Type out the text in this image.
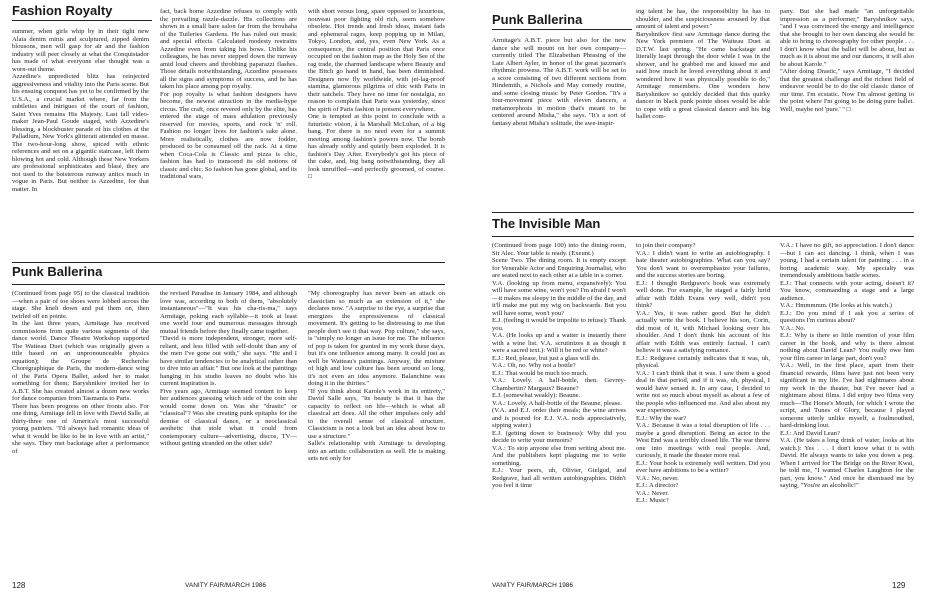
Fashion Royalty
summer, when girls whip by in their tight new Alaïa denim minis and sculptured, zipped denim blousons, men will gasp for air and the fashion industry will peer closely at what the Conquistador has made of what everyone else thought was a worn-out theme.
Azzedine's unpredicted blitz has reinjected aggressiveness and vitality into the Paris scene. But his ensuing conquest has yet to be confirmed by the U.S.A., a crucial market where, far from the subtleties and intrigues of the court of fashion, Saint Yves remains His Majesty. Last fall video-maker Jean-Paul Goude staged, with Azzedine's blessing, a blockbuster parade of his clothes at the Palladium, New York's glitterati attended en masse. The two-hour-long show, spiced with ethnic references and set on a gigantic staircase, left them blowing hot and cold. Although these New Yorkers are professional sophisticates and blasé, they are not used to the boisterous runway antics much in vogue in Paris. But neither is Azzedine, for that matter. In
fact, back home Azzedine refuses to comply with the prevailing razzle-dazzle. His collections are shown in a small bare salon far from the brouhaha of the Tuileries Gardens. He has ruled out music and special effects. Calculated modesty restrains Azzedine even from taking his bows. Unlike his colleagues, he has never stepped down the runway amid loud cheers and throbbing paparazzi flashes. Those details notwithstanding, Azzedine possesses all the signs and symptoms of success, and he has taken his place among pop royalty.
For pop royalty is what fashion designers have become, the newest attraction in the media-hype circus. The craft, once revered only by the elite, has entered the stage of mass adulation previously reserved for movies, sports, and rock 'n' roll. Fashion no longer lives for fashion's sake alone. More realistically, clothes are now fodder, produced to be consumed off the rack. At a time when Coca-Cola is Classic and pizza is chic, fashion has had to transcend its old notions of classic and chic. So fashion has gone global, and its traditional wars,
with short versus long, spare opposed to luxurious, nouveau poor fighting old rich, seem somehow obsolete. Hot trends and fresh ideas, instant fads and ephemeral rages, keep popping up in Milan, Tokyo, London, and, yes, even New York. As a consequence, the central position that Paris once occupied on the fashion map as the Holy See of the rag trade, the charmed landscape where Beauty and the Bitch go hand in hand, has been diminished. Designers now fly worldwide, with jet-lag-proof stamina, glamorous pilgrims of chic with Paris in their satchels. They have no time for nostalgia, no reason to complain that Paris was yesterday, since the spirit of Paris fashion is present everywhere.
One is tempted at this point to conclude with a futuristic vision, à la Marshall McLuhan, of a big bang. For there is no need even for a summit meeting among fashion's powers now. The bomb has already softly and quietly been exploded. It is fashion's Day After. Everybody's got his piece of the cake, and, big bang notwithstanding, they all look unruffled—and perfectly groomed, of course. □
Punk Ballerina
(Continued from page 95) to the classical tradition—when a pair of toe shoes were lobbed across the stage. She knelt down and put them on, then twirled off en pointe.
In the last three years, Armitage has received commissions from quite various segments of the dance world. Dance Theatre Workshop supported The Watteau Duet (which was originally given a title based on an unpronounceable physics equation); the Groupe de Recherche Chorégraphique de Paris, the modern-dance wing of the Paris Opera Ballet, asked her to make something for them; Baryshnikov invited her to A.B.T. She has created almost a dozen new works for dance companies from Tasmania to Paris.
There has been progress on other fronts also. For one thing, Armitage fell in love with David Salle, at thirty-three one of America's most successful young painters. "I'd always had romantic ideas of what it would be like to be in love with an artist," she says. They met backstage after a performance of
the revised Paradise in January 1984, and although love was, according to both of them, "absolutely instantaneous"—"It was his cha-ris-ma," says Armitage, poking each syllable—it took at least one world tour and numerous messages through mutual friends before they finally came together.
"David is more independent, stronger, more self-reliant, and less filled with self-doubt than any of the men I've gone out with," she says. "He and I have similar tendencies to be analytical rather than to dive into an affair." But one look at the paintings hanging in his studio leaves no doubt who his current inspiration is.
Five years ago, Armitage seemed content to keep her audiences guessing which side of the coin she would come down on. Was she "drastic" or "classical"? Was she creating punk epitaphs for the demise of classical dance, or a neoclassical aesthetic that stole what it could from contemporary culture—advertising, discos, TV—without getting stranded on the other side?
"My choreography has never been an attack on classicism so much as an extension of it," she declares now. "A surprise to the eye, a surprise that energizes the expressiveness of classical movement. It's getting to be distressing to me that people don't see it that way. Pop culture," she says, is "simply no longer an issue for me. The influence of pop is taken for granted in my work these days, but it's one influence among many. It could just as well be Watteau's paintings. Anyway, the mixture of high and low culture has been around so long, it's not even an idea anymore. Balanchine was doing it in the thirties."
"If you think about Karole's work in its entirety," David Salle says, "its beauty is that it has the capacity to reflect on life—which is what all classical art does. All the other impulses only add to the overall sense of classical structure. Classicism is not a look but an idea about how to use a structure."
Salle's relationship with Armitage is developing into an artistic collaboration as well. He is making sets not only for
128	VANITY FAIR/MARCH 1986
Punk Ballerina
Armitage's A.B.T. piece but also for the new dance she will mount on her own company—currently titled The Elizabethan Phrasing of the Late Albert Ayler, in honor of the great jazzman's rhythmic prowess. The A.B.T. work will be set to a score consisting of two different sections from Hindemith, a Nichols and May comedy routine, and some closing music by Peter Gordon. "It's a four-movement piece with eleven dancers, a metamorphosis in motion that's meant to be centered around Misha," she says. "It's a sort of fantasy about Misha's solitude, the awe-inspir-
ing talent he has, the responsibility he has to shoulder, and the suspiciousness aroused by that amount of talent and power."
Baryshnikov first saw Armitage dance during the New York premiere of The Watteau Duet at D.T.W. last spring. "He came backstage and literally leapt through the door while I was in the shower, and he grabbed me and kissed me and said how much he loved everything about it and wondered how it was physically possible to do," Armitage remembers. One wonders how Baryshnikov so quickly decided that this quirky dancer in black punk pointe shoes would be able to cope with a great classical dancer and his big ballet com-
pany. But she had made "an unforgettable impression as a performer," Baryshnikov says, "and I was convinced the energy and intelligence that she brought to her own dancing she would be able to bring to choreography for other people . . . I don't know what the ballet will be about, but as much as it is about me and our dancers, it will also be about Karole."
"After doing Drastic," says Armitage, "I decided that the greatest challenge and the richest field of endeavor would be to do the old classic dance of our time. I'm ecstatic. Now I'm almost getting to the point where I'm going to be doing pure ballet. Well, maybe not 'pure.' " □
The Invisible Man
(Continued from page 100) into the dining room, Sir Alec. Your table is ready. (Exeunt.)
Scene Two. The dining room. It is empty except for Venerable Actor and Enquiring Journalist, who are seated next to each other at a table in a corner.
V.A. (looking up from menu, expansively): You will have some wine, won't you? I'm afraid I won't—it makes me sleepy in the middle of the day, and it'll make me put my wig on backwards. But you will have some, won't you?
E.J. (feeling it would be impolite to refuse): Thank you.
V.A. (He looks up and a waiter is instantly there with a wine list. V.A. scrutinizes it as though it were a sacred text.): Will it be red or white?
E.J.: Red, please, but just a glass will do.
V.A.: Oh, no. Why not a bottle?
E.J.: That would be much too much.
V.A.: Lovely. A half-bottle, then. Gevrey-Chambertin? Margaux? Beaune?
E.J. (somewhat weakly): Beaune.
V.A.: Lovely. A half-bottle of the Beaune, please.
(V.A. and E.J. order their meals; the wine arrives and is poured for E.J. V.A. nods appreciatively, sipping water.)
E.J. (getting down to business): Why did you decide to write your memoirs?
V.A.: To stop anyone else from writing about me. And the publishers kept plaguing me to write something.
E.J.: Your peers, uh, Olivier, Gielgud, and Redgrave, had all written autobiographies. Didn't you feel it time
to join their company?
V.A.: I didn't want to write an autobiography. I hate theater autobiographies. What can you say? You don't want to overemphasize your failures, and the success stories are boring.
E.J.: I thought Redgrave's book was extremely well done. For example, he staged a fairly lurid affair with Edith Evans very well, didn't you think?
V.A.: Yes, it was rather good. But he didn't actually write the book. I believe his son, Corin, did most of it, with Michael looking over his shoulder. And I don't think his account of his affair with Edith was entirely factual. I can't believe it was a satisfying romance.
E.J.: Redgrave certainly indicates that it was, uh, physical.
V.A.: I can't think that it was. I saw them a good deal in that period, and if it was, uh, physical, I would have sensed it. In any case, I decided to write not so much about myself as about a few of the people who influenced me. And also about my war experiences.
E.J.: Why the war?
V.A.: Because it was a total disruption of life . . . maybe a good disruption. Being an actor in the West End was a terribly closed life. The war threw one into meetings with real people. And, curiously, it made the theater more real.
E.J.: Your book is extremely well written. Did you ever have ambitions to be a writer?
V.A.: No, never.
E.J.: A director?
V.A.: Never.
E.J.: Music?
V.A.: I have no gift, no appreciation. I don't dance—but I can act dancing. I think, when I was young, I had a certain talent for painting . . . in a boring academic way. My specialty was tremendously ambitious battle scenes.
E.J.: That connects with your acting, doesn't it? You know, commanding a stage and a large audience.
V.A.: Hmmmmm. (He looks at his watch.)
E.J.: Do you mind if I ask you a series of questions I'm curious about?
V.A.: No.
E.J.: Why is there so little mention of your film career in the book, and why is there almost nothing about David Lean? You really owe him your film career in large part, don't you?
V.A.: Well, in the first place, apart from their financial rewards, films have just not been very significant in my life. I've had nightmares about my work in the theater, but I've never had a nightmare about films. I did enjoy two films very much—The Horse's Mouth, for which I wrote the script, and Tunes of Glory, because I played someone utterly unlike myself, a foulmouthed, hard-drinking lout.
E.J.: And David Lean?
V.A. (He takes a long drink of water, looks at his watch.): Yes . . . I don't know what it is with David. He always wants to take you down a peg. When I arrived for The Bridge on the River Kwai, he told me, "I wanted Charles Laughton for the part, you know." And once he dismissed me by saying, "You're an alcoholic!"
VANITY FAIR/MARCH 1986	129
